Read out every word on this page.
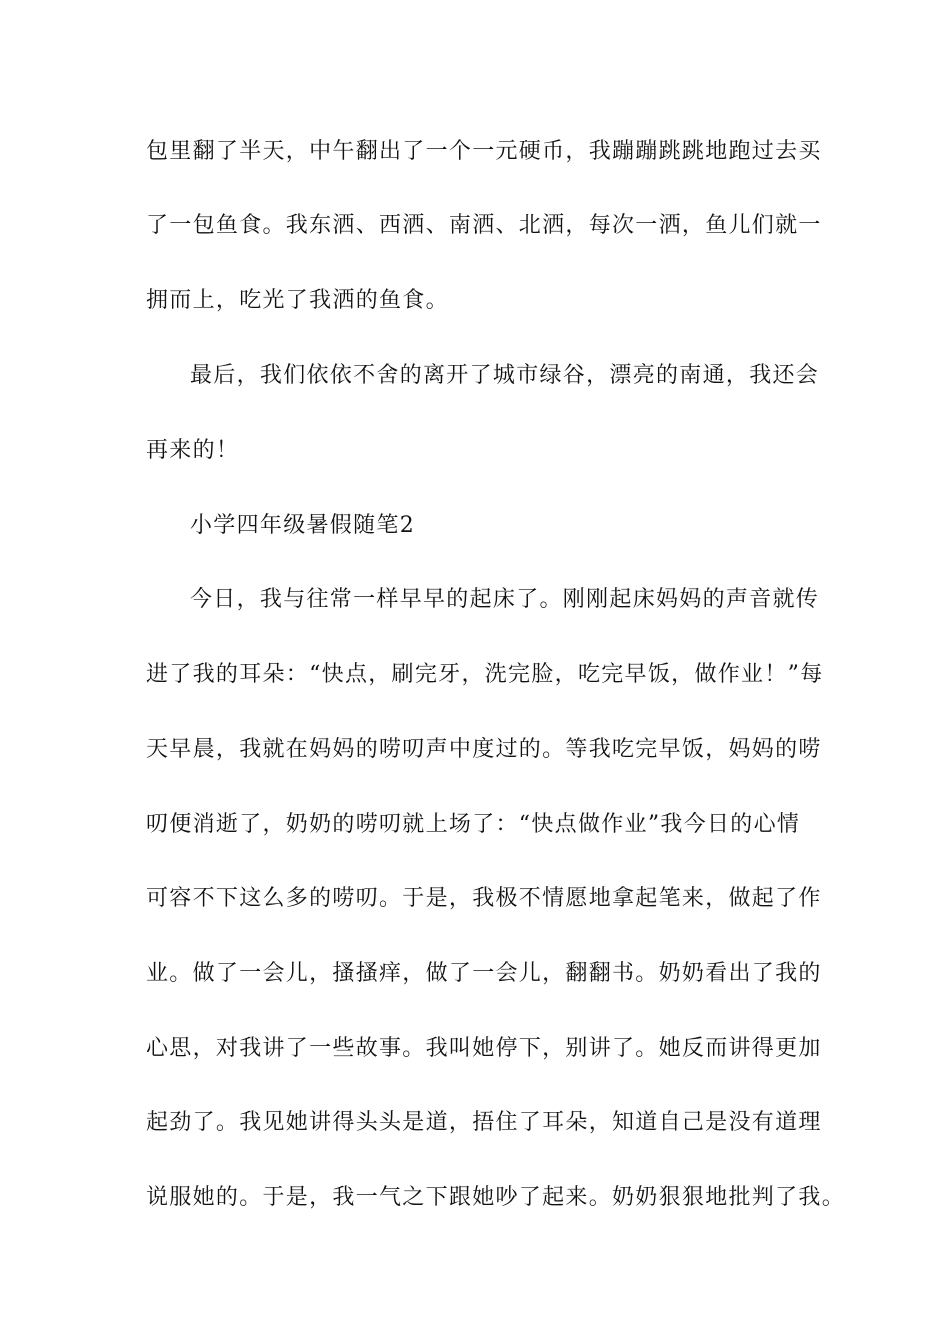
包里翻了半天，中午翻出了一个一元硬币，我蹦蹦跳跳地跑过去买
了一包鱼食。我东洒、西洒、南洒、北洒，每次一洒，鱼儿们就一
拥而上，吃光了我洒的鱼食。
最后，我们依依不舍的离开了城市绿谷，漂亮的南通，我还会
再来的！
小学四年级暑假随笔2
今日，我与往常一样早早的起床了。刚刚起床妈妈的声音就传
进了我的耳朵：“快点，刷完牙，洗完脸，吃完早饭，做作业！”每
天早晨，我就在妈妈的唠叨声中度过的。等我吃完早饭，妈妈的唠
叨便消逝了，奶奶的唠叨就上场了：“快点做作业”我今日的心情
可容不下这么多的唠叨。于是，我极不情愿地拿起笔来，做起了作
业。做了一会儿，搔搔痒，做了一会儿，翻翻书。奶奶看出了我的
心思，对我讲了一些故事。我叫她停下，别讲了。她反而讲得更加
起劲了。我见她讲得头头是道，捂住了耳朵，知道自己是没有道理
说服她的。于是，我一气之下跟她吵了起来。奶奶狠狠地批判了我。
